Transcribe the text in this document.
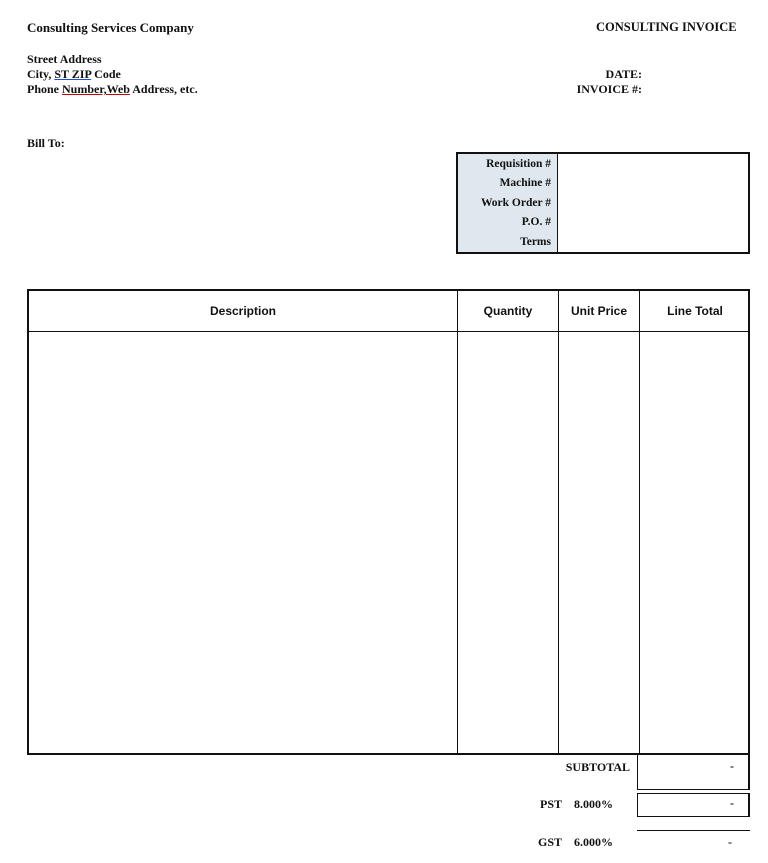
Consulting Services Company	CONSULTING INVOICE
Street Address
City, ST ZIP Code
Phone Number,Web Address, etc.
DATE:
INVOICE #:
Bill To:
Requisition #
Machine #
Work Order #
P.O. #
Terms
Description	Quantity	Unit Price	Line Total
SUBTOTAL	-
PST 8.000%	-
GST 6.000%	-
